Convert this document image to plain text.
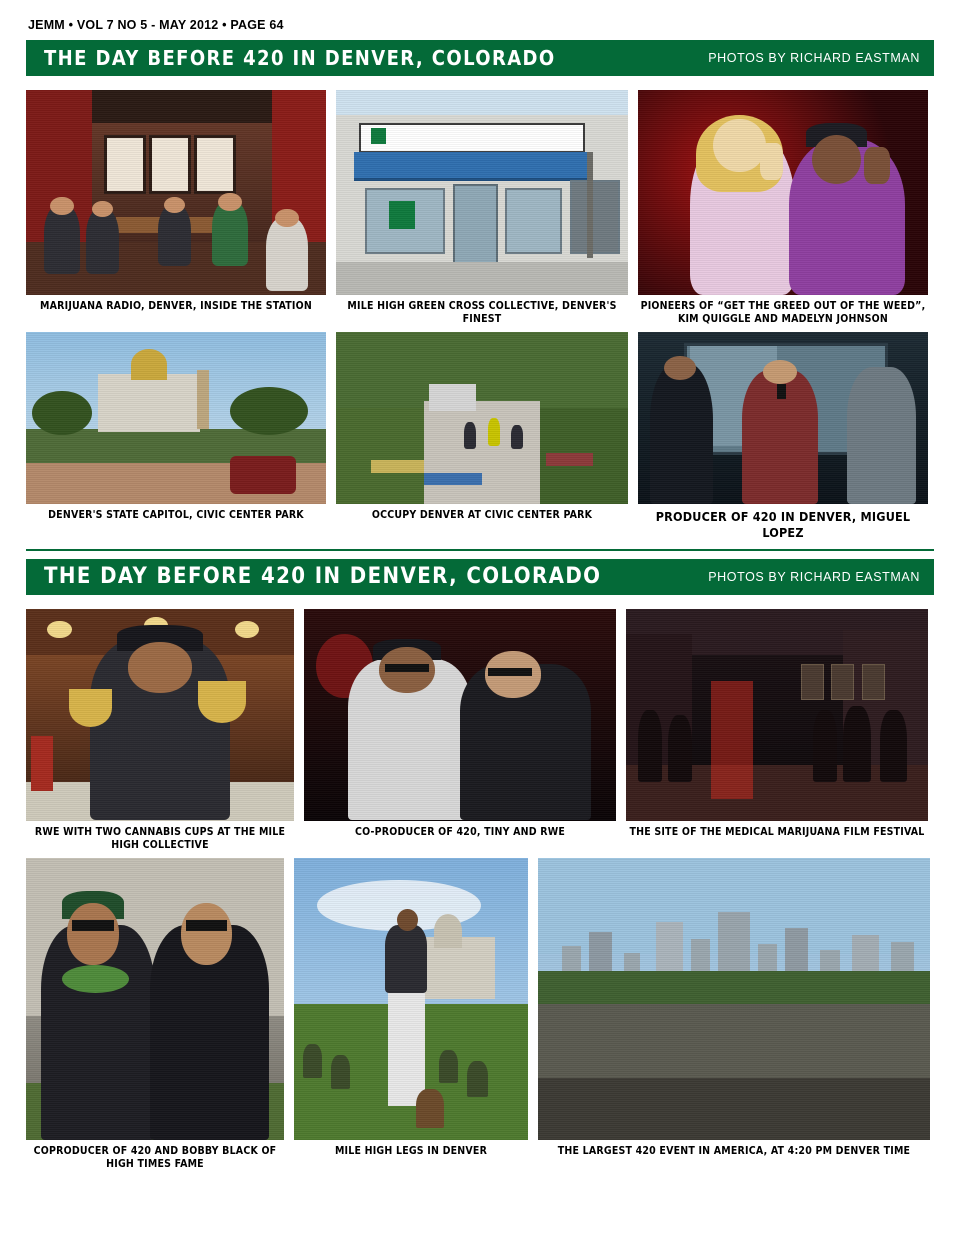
JEMM • VOL 7 NO 5 - MAY 2012 • PAGE 64
THE DAY BEFORE 420 IN DENVER, COLORADO	PHOTOS BY RICHARD EASTMAN
MARIJUANA RADIO, DENVER, INSIDE THE STATION	MILE HIGH GREEN CROSS COLLECTIVE, DENVER'S FINEST
PIONEERS OF “GET THE GREED OUT OF THE WEED”, KIM QUIGGLE AND MADELYN JOHNSON
DENVER'S STATE CAPITOL, CIVIC CENTER PARK	OCCUPY DENVER AT CIVIC CENTER PARK	PRODUCER OF 420 IN DENVER, MIGUEL LOPEZ
THE DAY BEFORE 420 IN DENVER, COLORADO	PHOTOS BY RICHARD EASTMAN
RWE WITH TWO CANNABIS CUPS AT THE MILE HIGH COLLECTIVE
CO-PRODUCER OF 420, TINY AND RWE	THE SITE OF THE MEDICAL MARIJUANA FILM FESTIVAL
COPRODUCER OF 420 AND BOBBY BLACK OF HIGH TIMES FAME
MILE HIGH LEGS IN DENVER	THE LARGEST 420 EVENT IN AMERICA, AT 4:20 PM DENVER TIME
